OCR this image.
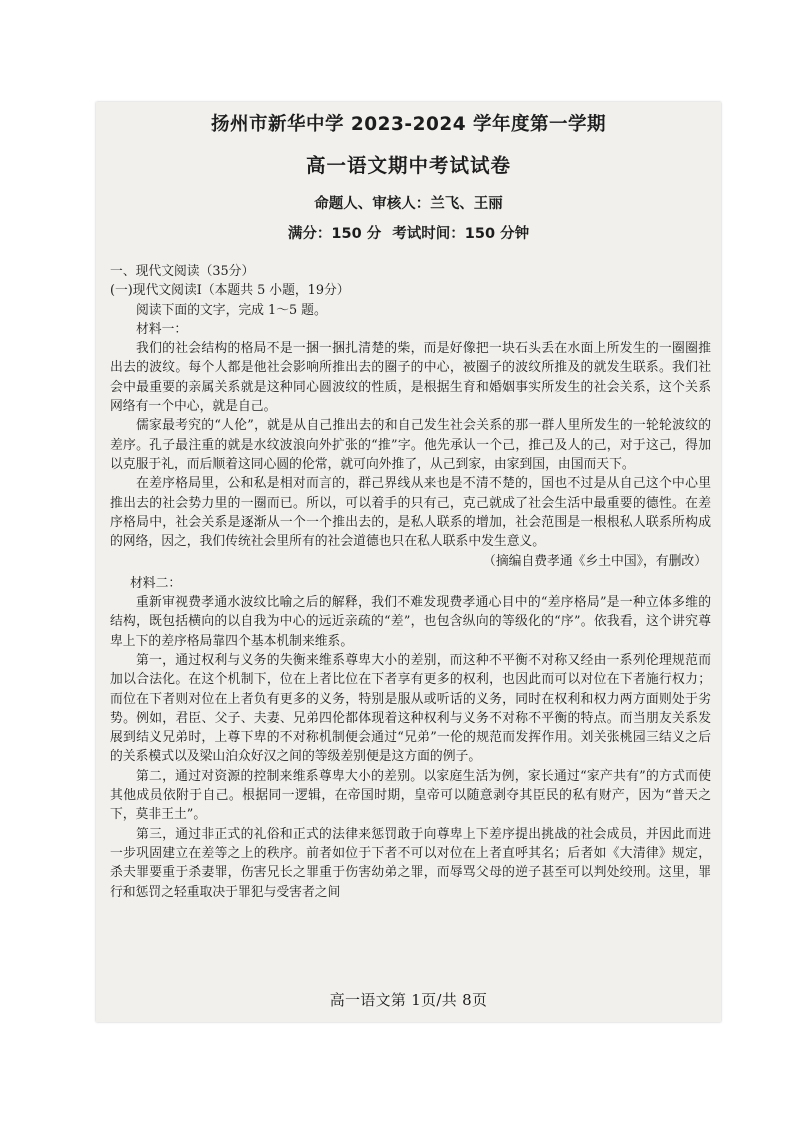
扬州市新华中学 2023-2024 学年度第一学期
高一语文期中考试试卷
命题人、审核人：兰飞、王丽
满分：150 分 考试时间：150 分钟
一、现代文阅读（35分）
(一)现代文阅读Ⅰ（本题共 5 小题，19分）
阅读下面的文字，完成 1～5 题。
材料一：

我们的社会结构的格局不是一捆一捆扎清楚的柴，而是好像把一块石头丢在水面上所发生的一圈圈推出去的波纹。每个人都是他社会影响所推出去的圈子的中心，被圈子的波纹所推及的就发生联系。我们社会中最重要的亲属关系就是这种同心圆波纹的性质，是根据生育和婚姻事实所发生的社会关系，这个关系网络有一个中心，就是自己。

儒家最考究的“人伦”，就是从自己推出去的和自己发生社会关系的那一群人里所发生的一轮轮波纹的差序。孔子最注重的就是水纹波浪向外扩张的“推”字。他先承认一个己，推己及人的己，对于这己，得加以克服于礼，而后顺着这同心圆的伦常，就可向外推了，从己到家，由家到国，由国而天下。

在差序格局里，公和私是相对而言的，群己界线从来也是不清不楚的，国也不过是从自己这个中心里推出去的社会势力里的一圈而已。所以，可以着手的只有己，克己就成了社会生活中最重要的德性。在差序格局中，社会关系是逐渐从一个一个推出去的，是私人联系的增加，社会范围是一根根私人联系所构成的网络，因之，我们传统社会里所有的社会道德也只在私人联系中发生意义。

（摘编自费孝通《乡土中国》，有删改）
材料二：

重新审视费孝通水波纹比喻之后的解释，我们不难发现费孝通心目中的“差序格局”是一种立体多维的结构，既包括横向的以自我为中心的远近亲疏的“差”，也包含纵向的等级化的“序”。依我看，这个讲究尊卑上下的差序格局靠四个基本机制来维系。

第一，通过权利与义务的失衡来维系尊卑大小的差别，而这种不平衡不对称又经由一系列伦理规范而加以合法化。在这个机制下，位在上者比位在下者享有更多的权利，也因此而可以对位在下者施行权力；而位在下者则对位在上者负有更多的义务，特别是服从或听话的义务，同时在权利和权力两方面则处于劣势。例如，君臣、父子、夫妻、兄弟四伦都体现着这种权利与义务不对称不平衡的特点。而当朋友关系发展到结义兄弟时，上尊下卑的不对称机制便会通过“兄弟”一伦的规范而发挥作用。刘关张桃园三结义之后的关系模式以及梁山泊众好汉之间的等级差别便是这方面的例子。

第二，通过对资源的控制来维系尊卑大小的差别。以家庭生活为例，家长通过“家产共有”的方式而使其他成员依附于自己。根据同一逻辑，在帝国时期，皇帝可以随意剥夺其臣民的私有财产，因为“普天之下，莫非王土”。

第三，通过非正式的礼俗和正式的法律来惩罚敢于向尊卑上下差序提出挑战的社会成员，并因此而进一步巩固建立在差等之上的秩序。前者如位于下者不可以对位在上者直呼其名；后者如《大清律》规定，杀夫罪要重于杀妻罪，伤害兄长之罪重于伤害幼弟之罪，而辱骂父母的逆子甚至可以判处绞刑。这里，罪行和惩罚之轻重取决于罪犯与受害者之间

高一语文第 1页/共 8页
